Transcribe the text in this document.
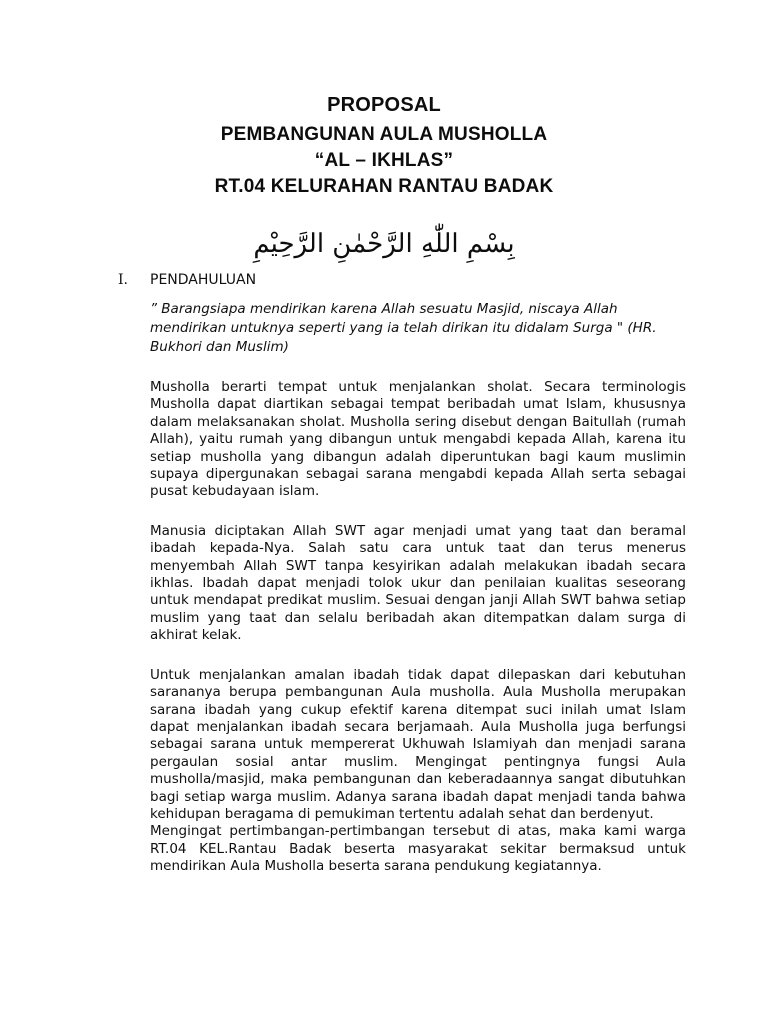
PROPOSAL
PEMBANGUNAN AULA MUSHOLLA
“AL – IKHLAS”
RT.04 KELURAHAN RANTAU BADAK
بِسْمِ اللّٰهِ الرَّحْمٰنِ الرَّحِيْمِ
I. PENDAHULUAN

” Barangsiapa mendirikan karena Allah sesuatu Masjid, niscaya Allah mendirikan untuknya seperti yang ia telah dirikan itu didalam Surga " (HR. Bukhori dan Muslim)

Musholla berarti tempat untuk menjalankan sholat. Secara terminologis Musholla dapat diartikan sebagai tempat beribadah umat Islam, khususnya dalam melaksanakan sholat. Musholla sering disebut dengan Baitullah (rumah Allah), yaitu rumah yang dibangun untuk mengabdi kepada Allah, karena itu setiap musholla yang dibangun adalah diperuntukan bagi kaum muslimin supaya dipergunakan sebagai sarana mengabdi kepada Allah serta sebagai pusat kebudayaan islam.

Manusia diciptakan Allah SWT agar menjadi umat yang taat dan beramal ibadah kepada-Nya. Salah satu cara untuk taat dan terus menerus menyembah Allah SWT tanpa kesyirikan adalah melakukan ibadah secara ikhlas. Ibadah dapat menjadi tolok ukur dan penilaian kualitas seseorang untuk mendapat predikat muslim. Sesuai dengan janji Allah SWT bahwa setiap muslim yang taat dan selalu beribadah akan ditempatkan dalam surga di akhirat kelak.

Untuk menjalankan amalan ibadah tidak dapat dilepaskan dari kebutuhan sarananya berupa pembangunan Aula musholla. Aula Musholla merupakan sarana ibadah yang cukup efektif karena ditempat suci inilah umat Islam dapat menjalankan ibadah secara berjamaah. Aula Musholla juga berfungsi sebagai sarana untuk mempererat Ukhuwah Islamiyah dan menjadi sarana pergaulan sosial antar muslim. Mengingat pentingnya fungsi Aula musholla/masjid, maka pembangunan dan keberadaannya sangat dibutuhkan bagi setiap warga muslim. Adanya sarana ibadah dapat menjadi tanda bahwa kehidupan beragama di pemukiman tertentu adalah sehat dan berdenyut.

Mengingat pertimbangan-pertimbangan tersebut di atas, maka kami warga RT.04 KEL.Rantau Badak beserta masyarakat sekitar bermaksud untuk mendirikan Aula Musholla beserta sarana pendukung kegiatannya.
